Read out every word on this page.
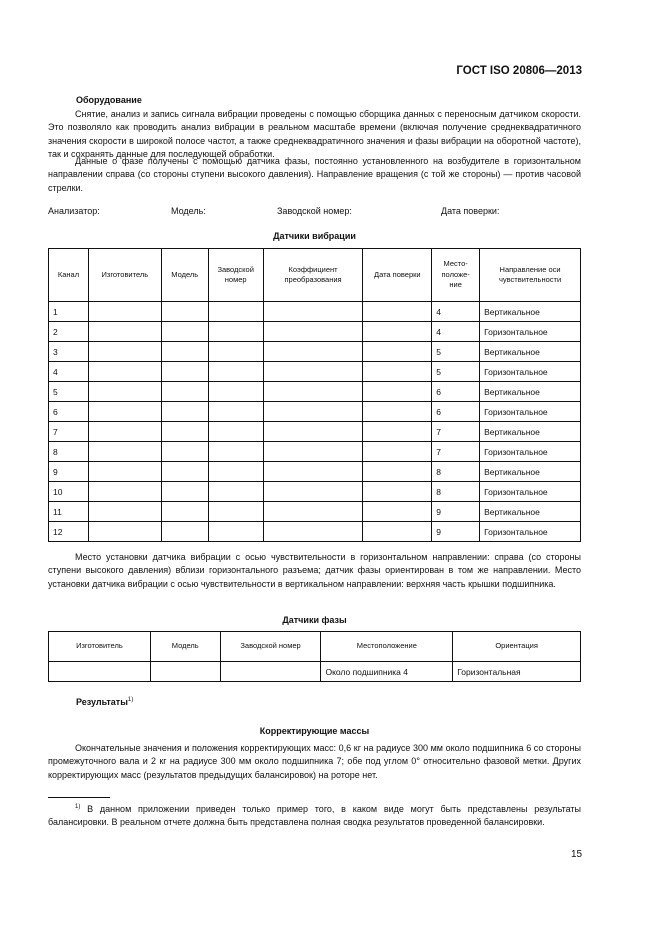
ГОСТ ISO 20806—2013
Оборудование
Снятие, анализ и запись сигнала вибрации проведены с помощью сборщика данных с переносным датчиком скорости. Это позволяло как проводить анализ вибрации в реальном масштабе времени (включая получение среднеквадратичного значения скорости в широкой полосе частот, а также среднеквадратичного значения и фазы вибрации на оборотной частоте), так и сохранять данные для последующей обработки.
Данные о фазе получены с помощью датчика фазы, постоянно установленного на возбудителе в горизонтальном направлении справа (со стороны ступени высокого давления). Направление вращения (с той же стороны) — против часовой стрелки.
Анализатор:	Модель:	Заводской номер:	Дата поверки:
Датчики вибрации
Канал	Изготовитель	Модель	Заводской номер	Коэффициент преобразования	Дата поверки	Место-положе-ние	Направление оси чувствительности
1						4	Вертикальное
2						4	Горизонтальное
3						5	Вертикальное
4						5	Горизонтальное
5						6	Вертикальное
6						6	Горизонтальное
7						7	Вертикальное
8						7	Горизонтальное
9						8	Вертикальное
10						8	Горизонтальное
11						9	Вертикальное
12						9	Горизонтальное
Место установки датчика вибрации с осью чувствительности в горизонтальном направлении: справа (со стороны ступени высокого давления) вблизи горизонтального разъема; датчик фазы ориентирован в том же направлении. Место установки датчика вибрации с осью чувствительности в вертикальном направлении: верхняя часть крышки подшипника.
Датчики фазы
Изготовитель	Модель	Заводской номер	Местоположение	Ориентация
			Около подшипника 4	Горизонтальная
Результаты$^{1)}$
Корректирующие массы
Окончательные значения и положения корректирующих масс: 0,6 кг на радиусе 300 мм около подшипника 6 со стороны промежуточного вала и 2 кг на радиусе 300 мм около подшипника 7; обе под углом 0° относительно фазовой метки. Других корректирующих масс (результатов предыдущих балансировок) на роторе нет.
$^{1)}$ В данном приложении приведен только пример того, в каком виде могут быть представлены результаты балансировки. В реальном отчете должна быть представлена полная сводка результатов проведенной балансировки.
15
